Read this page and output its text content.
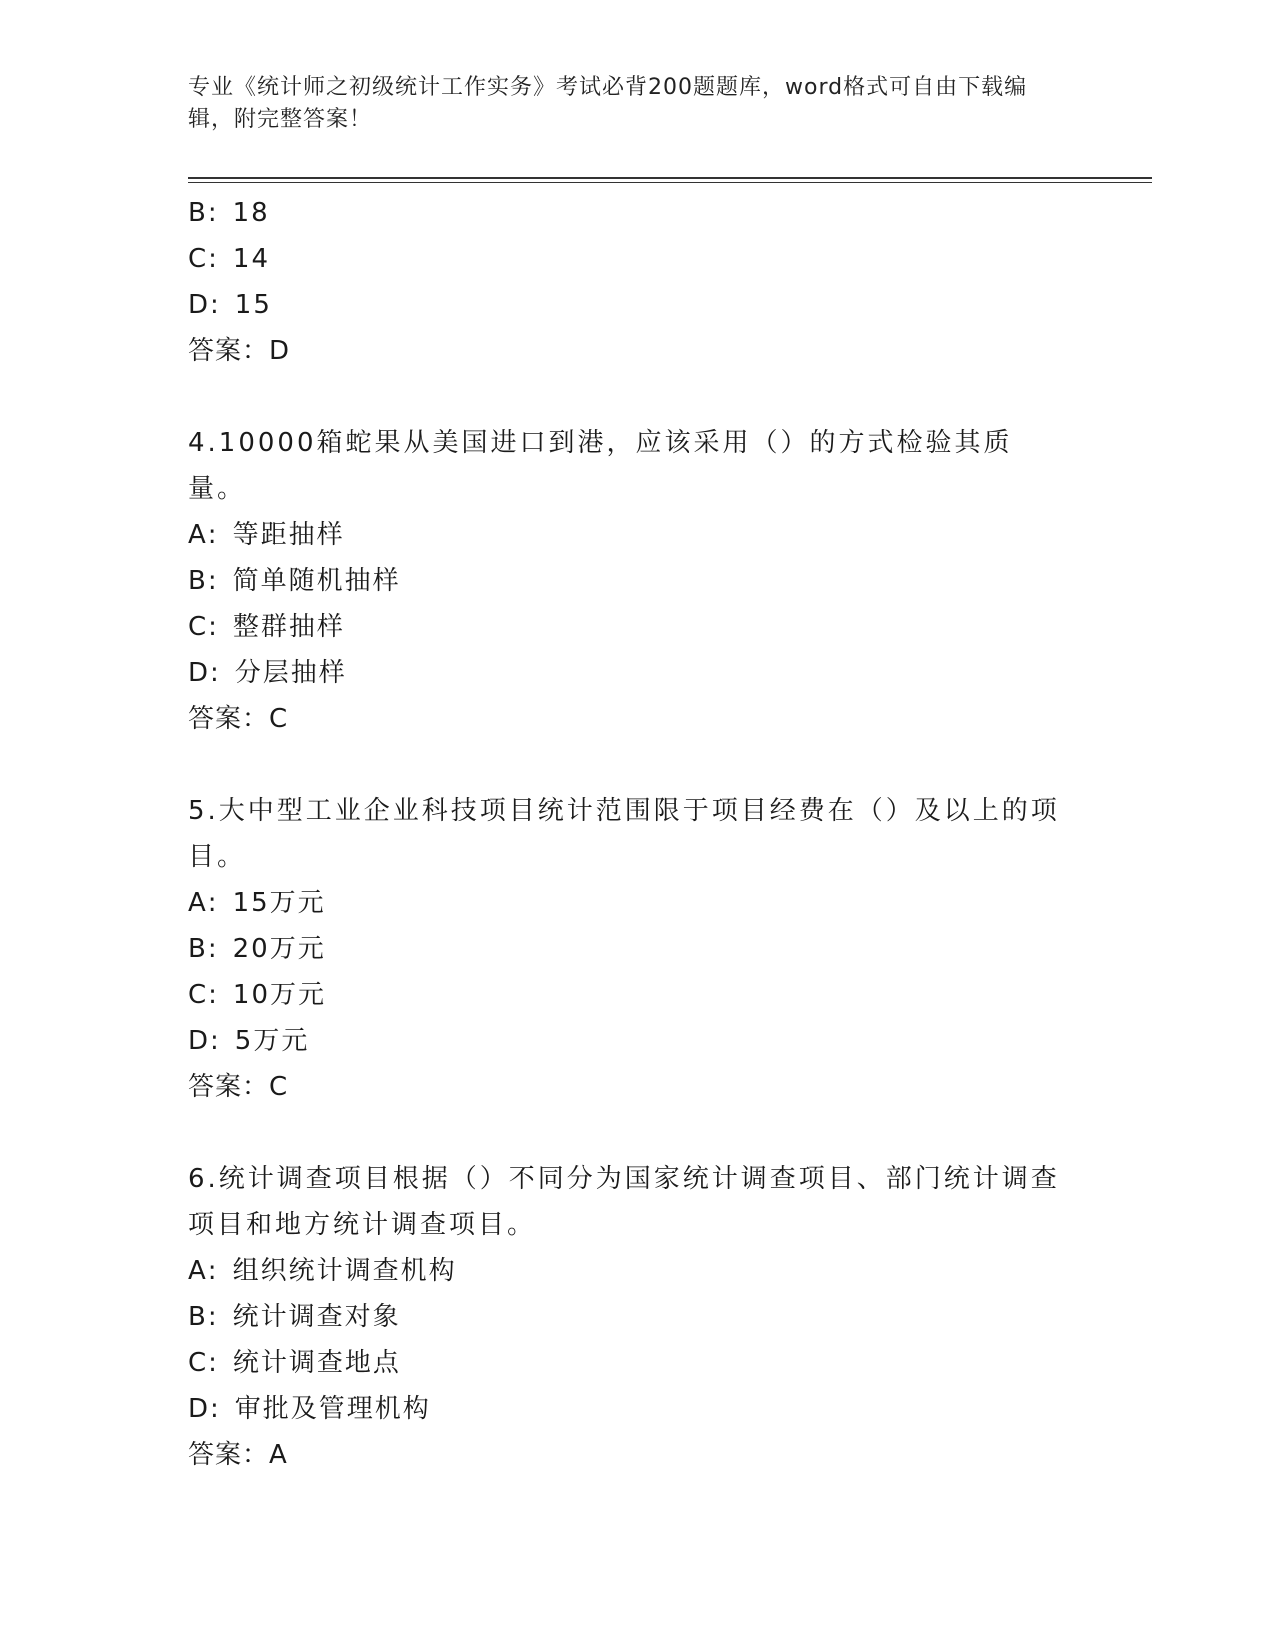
专业《统计师之初级统计工作实务》考试必背200题题库，word格式可自由下载编辑，附完整答案！
B: 18
C: 14
D: 15
答案：D
4.10000箱蛇果从美国进口到港，应该采用（）的方式检验其质量。
A: 等距抽样
B: 简单随机抽样
C: 整群抽样
D: 分层抽样
答案：C
5.大中型工业企业科技项目统计范围限于项目经费在（）及以上的项目。
A: 15万元
B: 20万元
C: 10万元
D: 5万元
答案：C
6.统计调查项目根据（）不同分为国家统计调查项目、部门统计调查项目和地方统计调查项目。
A: 组织统计调查机构
B: 统计调查对象
C: 统计调查地点
D: 审批及管理机构
答案：A
